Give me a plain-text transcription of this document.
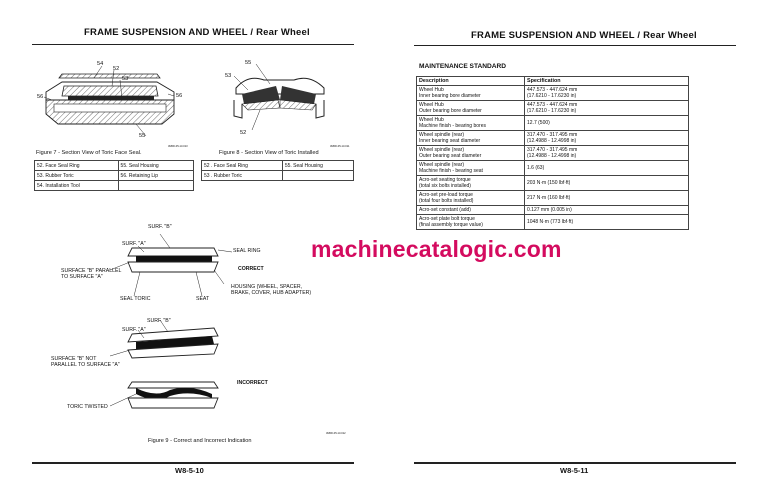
FRAME SUSPENSION AND WHEEL / Rear Wheel
54
52
53
56	56
55
3M0D-05-13-013
Figure 7 - Section View of Toric Face Seal.
52. Face Seal Ring	55. Seal Housing
53. Rubber Toric	56. Retaining Lip
54. Installation Tool	
55
53
52
3M0D-05-13-011
Figure 8 - Section View of Toric Installed
52 . Face Seal Ring	55. Seal Housing
53 . Rubber Toric	
SURF. "B"
SURF. "A"
SEAL RING
SURFACE "B" PARALLEL
TO SURFACE "A"
CORRECT
HOUSING (WHEEL, SPACER,
BRAKE, COVER, HUB ADAPTER)
SEAL TORIC	SEAT
SURF. "B"
SURF. "A"
SURFACE "B" NOT
PARALLEL TO SURFACE "A"
INCORRECT
TORIC TWISTED
3M0D-05-13-012
Figure 9 - Correct and Incorrect Indication
W8-5-10
FRAME SUSPENSION AND WHEEL / Rear Wheel
MAINTENANCE STANDARD
Description	Specification
Wheel Hub
Inner bearing bore diameter	447.573 - 447.624 mm
(17.6210 - 17.6230 in)
Wheel Hub
Outer bearing bore diameter	447.573 - 447.624 mm
(17.6210 - 17.6230 in)
Wheel Hub
Machine finish - bearing bores	12.7 (500)
Wheel spindle (rear)
Inner bearing seat diameter	317.470 - 317.495 mm
(12.4988 - 12.4998 in)
Wheel spindle (rear)
Outer bearing seat diameter	317.470 - 317.495 mm
(12.4988 - 12.4998 in)
Wheel spindle (rear)
Machine finish - bearing seat	1.6 (63)
Acro-set seating torque
(total six bolts installed)	203 N·m (150 lbf·ft)
Acro-set pre-load torque
(total four bolts installed)	217 N·m (160 lbf·ft)
Acro-set constant (add)	0.127 mm (0.005 in)
Acro-set plate bolt torque
(final assembly torque value)	1048 N·m (773 lbf·ft)
W8-5-11
machinecatalogic.com
